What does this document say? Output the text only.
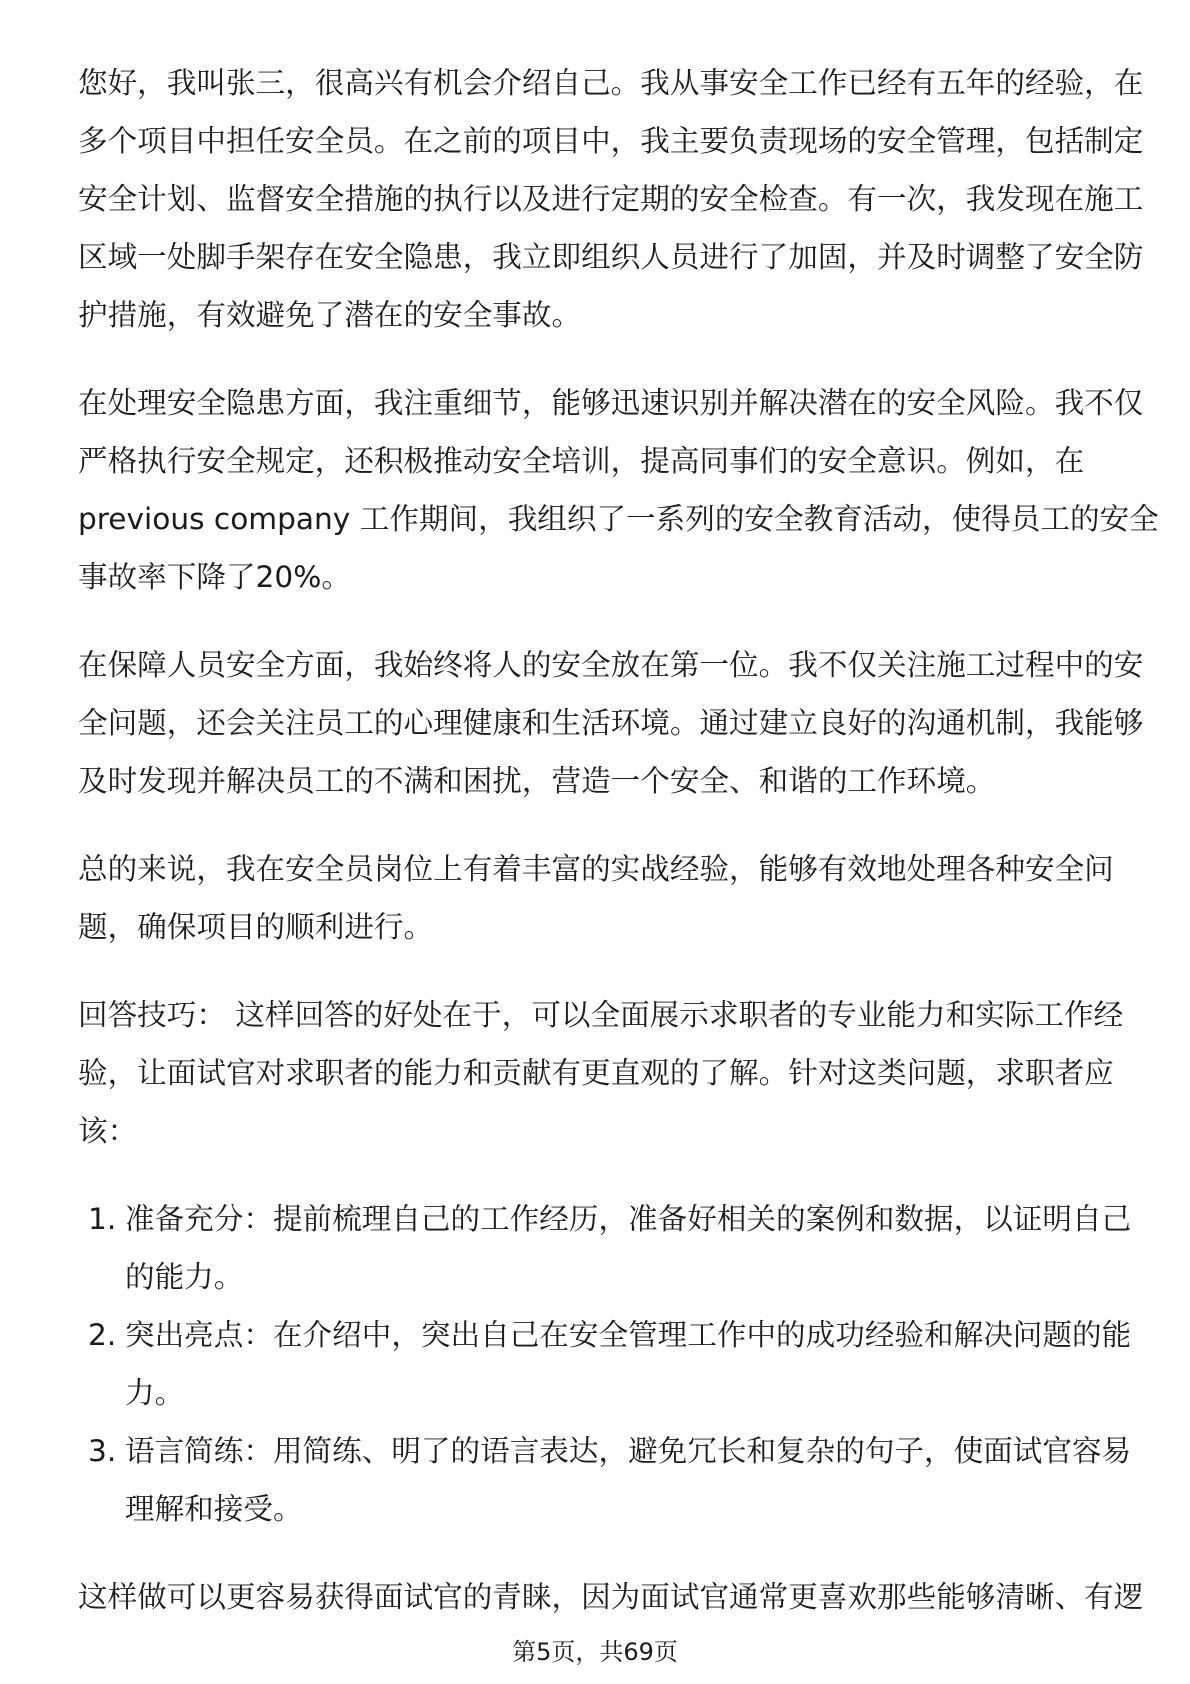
您好，我叫张三，很高兴有机会介绍自己。我从事安全工作已经有五年的经验，在
多个项目中担任安全员。在之前的项目中，我主要负责现场的安全管理，包括制定
安全计划、监督安全措施的执行以及进行定期的安全检查。有一次，我发现在施工
区域一处脚手架存在安全隐患，我立即组织人员进行了加固，并及时调整了安全防
护措施，有效避免了潜在的安全事故。
在处理安全隐患方面，我注重细节，能够迅速识别并解决潜在的安全风险。我不仅
严格执行安全规定，还积极推动安全培训，提高同事们的安全意识。例如，在
previous company 工作期间，我组织了一系列的安全教育活动，使得员工的安全
事故率下降了20%。
在保障人员安全方面，我始终将人的安全放在第一位。我不仅关注施工过程中的安
全问题，还会关注员工的心理健康和生活环境。通过建立良好的沟通机制，我能够
及时发现并解决员工的不满和困扰，营造一个安全、和谐的工作环境。
总的来说，我在安全员岗位上有着丰富的实战经验，能够有效地处理各种安全问
题，确保项目的顺利进行。
回答技巧： 这样回答的好处在于，可以全面展示求职者的专业能力和实际工作经
验，让面试官对求职者的能力和贡献有更直观的了解。针对这类问题，求职者应
该：
1. 准备充分：提前梳理自己的工作经历，准备好相关的案例和数据，以证明自己
的能力。
2. 突出亮点：在介绍中，突出自己在安全管理工作中的成功经验和解决问题的能
力。
3. 语言简练：用简练、明了的语言表达，避免冗长和复杂的句子，使面试官容易
理解和接受。
这样做可以更容易获得面试官的青睐，因为面试官通常更喜欢那些能够清晰、有逻
第5页，共69页
